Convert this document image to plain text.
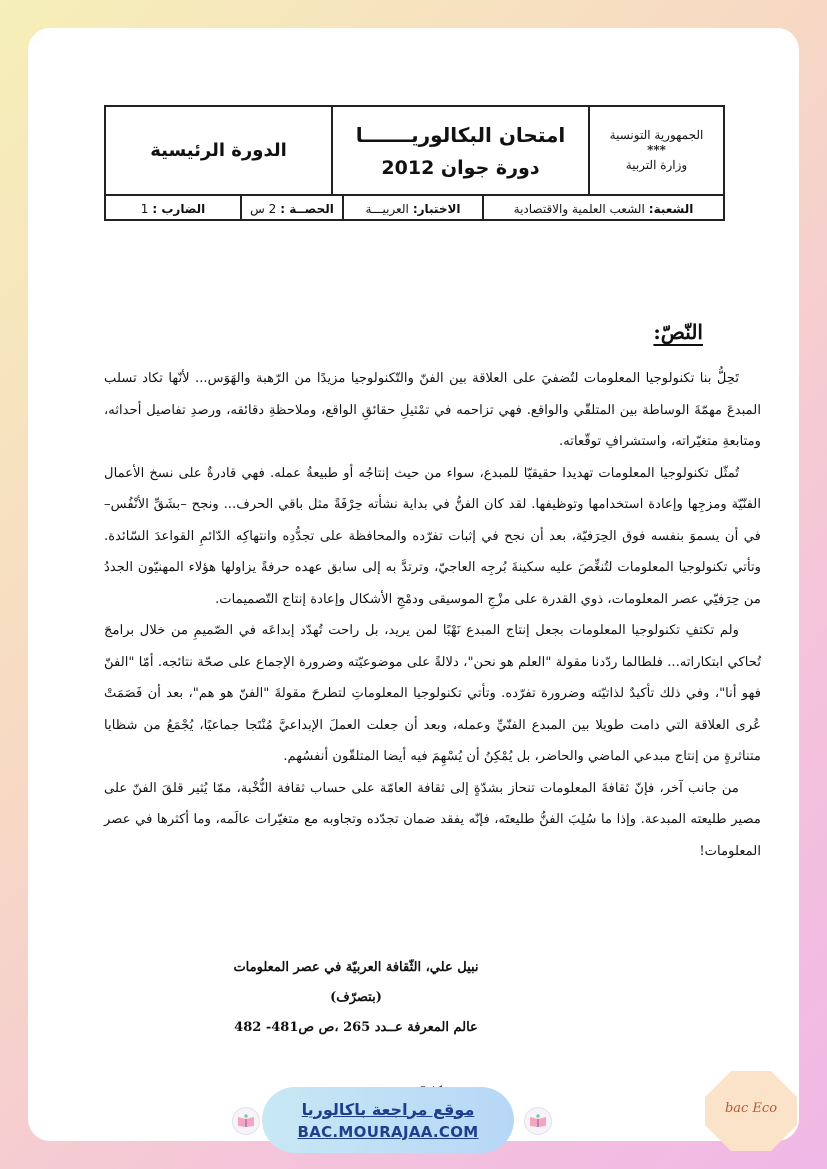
الجمهورية التونسية
***
وزارة التربية
امتحان البكالوريـــــــا
دورة جوان 2012
الدورة الرئيسية
الشعبة:
الشعب العلمية والاقتصادية
الاختبار:
العربيـــة
الحصــة :
2 س
الضارب :
1
النّصّ:

تَحِلُّ بنا تكنولوجيا المعلومات لتُضفيَ على العلاقة بين الفنّ والتّكنولوجيا مزيدًا من الرّهبة والهَوَس... لأنّها تكاد تسلب المبدعَ مهمّةَ الوساطة بين المتلقّي والواقع. فهي تزاحمه في تمْثيلِ حقائقِ الواقع، وملاحظةِ دقائقه، ورصدِ تفاصيل أحداثه، ومتابعةِ متغيّراته، واستشرافِ توقّعاته.

تُمثّل تكنولوجيا المعلومات تهديدا حقيقيّا للمبدع، سواء من حيث إنتاجُه أو طبيعةُ عمله. فهي قادرةٌ على نسخ الأعمال الفنّيّة ومزجِها وإعادة استخدامها وتوظيفها. لقد كان الفنُّ في بداية نشأته حِرْفَةً مثل باقي الحرف... ونجح –بشَقِّ الأنْفُس– في أن يسموَ بنفسه فوق الحِرَفيّة، بعد أن نجح في إثبات تفرّده والمحافظة على تجدُّدِه وانتهاكِه الدّائمِ القواعدَ السّائدة. وتأتي تكنولوجيا المعلومات لتُنغِّصَ عليه سكينةَ بُرجِه العاجيّ، وترتدَّ به إلى سابق عهده حرفةً يزاولها هؤلاء المهنيّون الجددُ من حِرَفيّي عصر المعلومات، ذوي القدرة على مزْجِ الموسيقى ودمْجِ الأشكال وإعادة إنتاج التّصميمات.

ولم تكتفِ تكنولوجيا المعلومات بجعل إنتاج المبدع نَهْبًا لمن يريد، بل راحت تُهدّد إبداعَه في الصّميمِ من خلال برامجَ تُحاكي ابتكاراته... فلطالما ردّدنا مقولة "العلم هو نحن"، دلالةً على موضوعيّته وضرورة الإجماع على صحّة نتائجه. أمّا "الفنّ فهو أنا"، وفي ذلك تأكيدٌ لذاتيّته وضرورة تفرّده. وتأتي تكنولوجيا المعلوماتِ لتطرحَ مقولةَ "الفنّ هو هم"، بعد أن فَصَمَتْ عُرى العلاقة التي دامت طويلا بين المبدع الفنّيِّ وعمله، وبعد أن جعلت العملَ الإبداعيَّ مُنْتَجا جماعيًا، يُجْمَعُ من شظايا متناثرةٍ من إنتاج مبدعي الماضي والحاضر، بل يُمْكِنُ أن يُسْهِمَ فيه أيضا المتلقّون أنفسُهم.

من جانب آخر، فإنّ ثقافةَ المعلومات تنحاز بشدّةٍ إلى ثقافة العامّة على حساب ثقافة النُّخْبة، ممّا يُثير قلقَ الفنّ على مصير طليعته المبدعة. وإذا ما سُلِبَ الفنُّ طليعتَه، فإنّه يفقد ضمان تجدّده وتجاوبه مع متغيّرات عالَمه، وما أكثرها في عصر المعلومات!

نبيل علي، الثّقافة العربيّة في عصر المعلومات
(بتصرّف)
عالم المعرفة عــدد 265 ،ص ص481- 482
موقع مراجعة باكالوريا
BAC.MOURAJAA.COM
bac Eco
